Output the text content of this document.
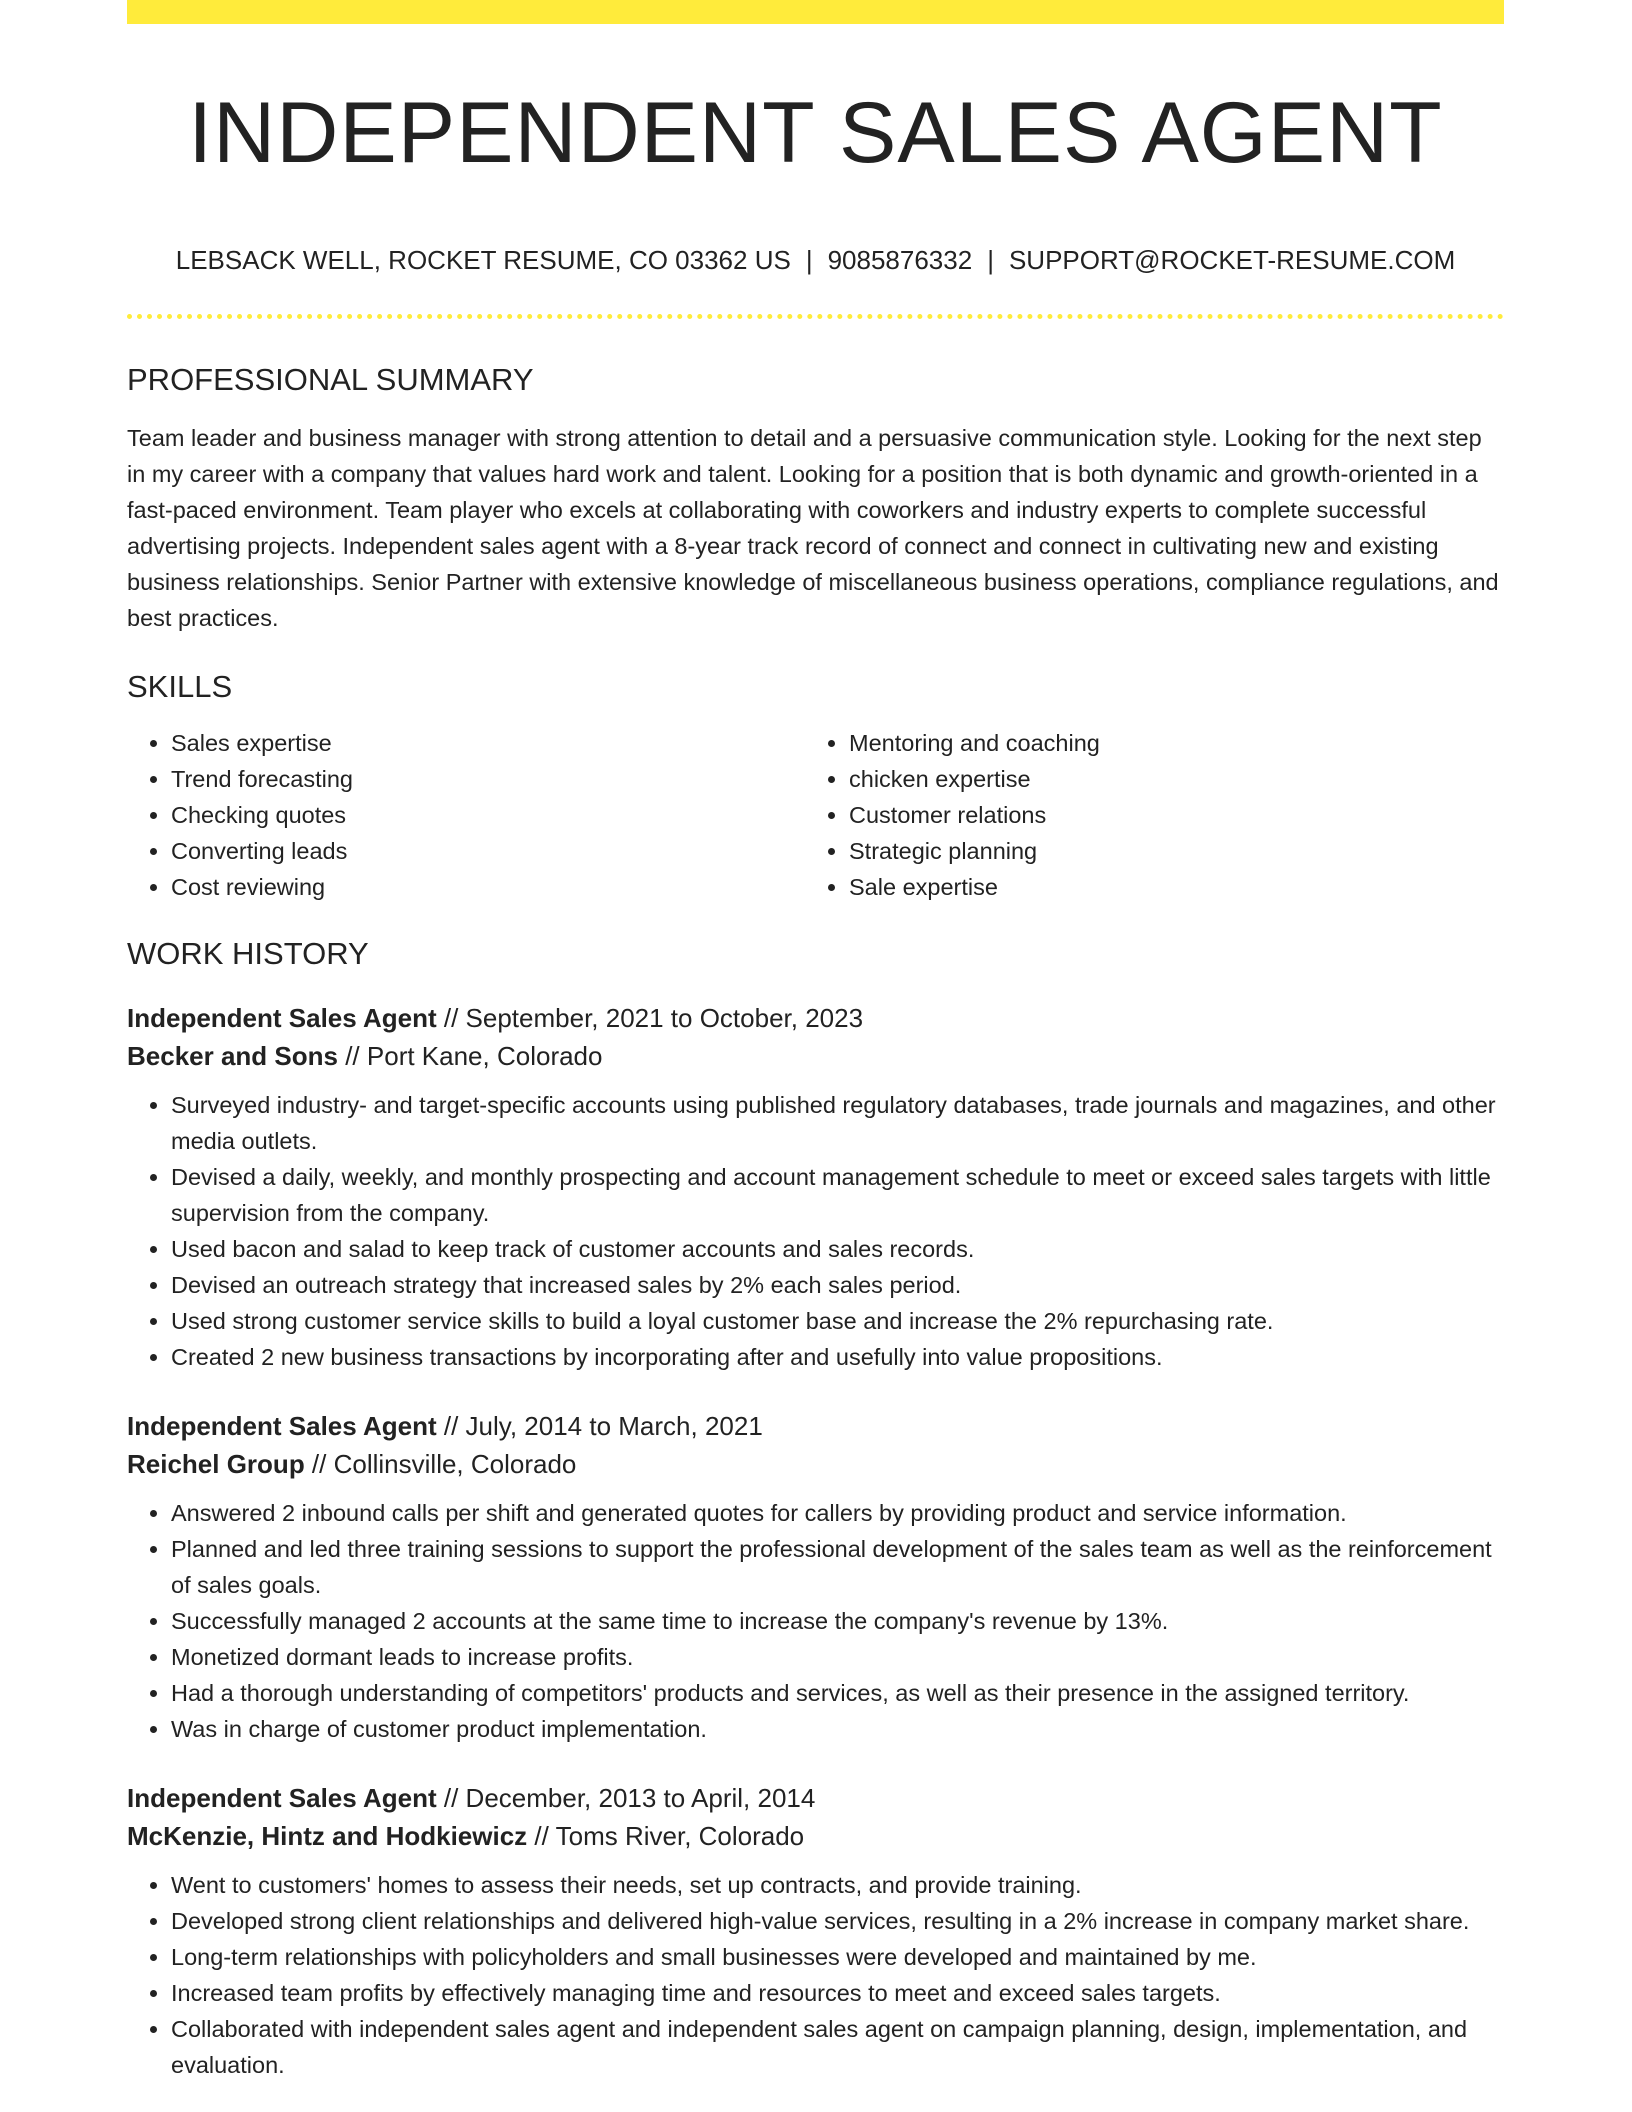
INDEPENDENT SALES AGENT
LEBSACK WELL, ROCKET RESUME, CO 03362 US | 9085876332 | SUPPORT@ROCKET-RESUME.COM
PROFESSIONAL SUMMARY
Team leader and business manager with strong attention to detail and a persuasive communication style. Looking for the next step in my career with a company that values hard work and talent. Looking for a position that is both dynamic and growth-oriented in a fast-paced environment. Team player who excels at collaborating with coworkers and industry experts to complete successful advertising projects. Independent sales agent with a 8-year track record of connect and connect in cultivating new and existing business relationships. Senior Partner with extensive knowledge of miscellaneous business operations, compliance regulations, and best practices.
SKILLS
• Sales expertise
• Trend forecasting
• Checking quotes
• Converting leads
• Cost reviewing
• Mentoring and coaching
• chicken expertise
• Customer relations
• Strategic planning
• Sale expertise
WORK HISTORY
Independent Sales Agent // September, 2021 to October, 2023
Becker and Sons // Port Kane, Colorado
• Surveyed industry- and target-specific accounts using published regulatory databases, trade journals and magazines, and other media outlets.
• Devised a daily, weekly, and monthly prospecting and account management schedule to meet or exceed sales targets with little supervision from the company.
• Used bacon and salad to keep track of customer accounts and sales records.
• Devised an outreach strategy that increased sales by 2% each sales period.
• Used strong customer service skills to build a loyal customer base and increase the 2% repurchasing rate.
• Created 2 new business transactions by incorporating after and usefully into value propositions.
Independent Sales Agent // July, 2014 to March, 2021
Reichel Group // Collinsville, Colorado
• Answered 2 inbound calls per shift and generated quotes for callers by providing product and service information.
• Planned and led three training sessions to support the professional development of the sales team as well as the reinforcement of sales goals.
• Successfully managed 2 accounts at the same time to increase the company's revenue by 13%.
• Monetized dormant leads to increase profits.
• Had a thorough understanding of competitors' products and services, as well as their presence in the assigned territory.
• Was in charge of customer product implementation.
Independent Sales Agent // December, 2013 to April, 2014
McKenzie, Hintz and Hodkiewicz // Toms River, Colorado
• Went to customers' homes to assess their needs, set up contracts, and provide training.
• Developed strong client relationships and delivered high-value services, resulting in a 2% increase in company market share.
• Long-term relationships with policyholders and small businesses were developed and maintained by me.
• Increased team profits by effectively managing time and resources to meet and exceed sales targets.
• Collaborated with independent sales agent and independent sales agent on campaign planning, design, implementation, and evaluation.
